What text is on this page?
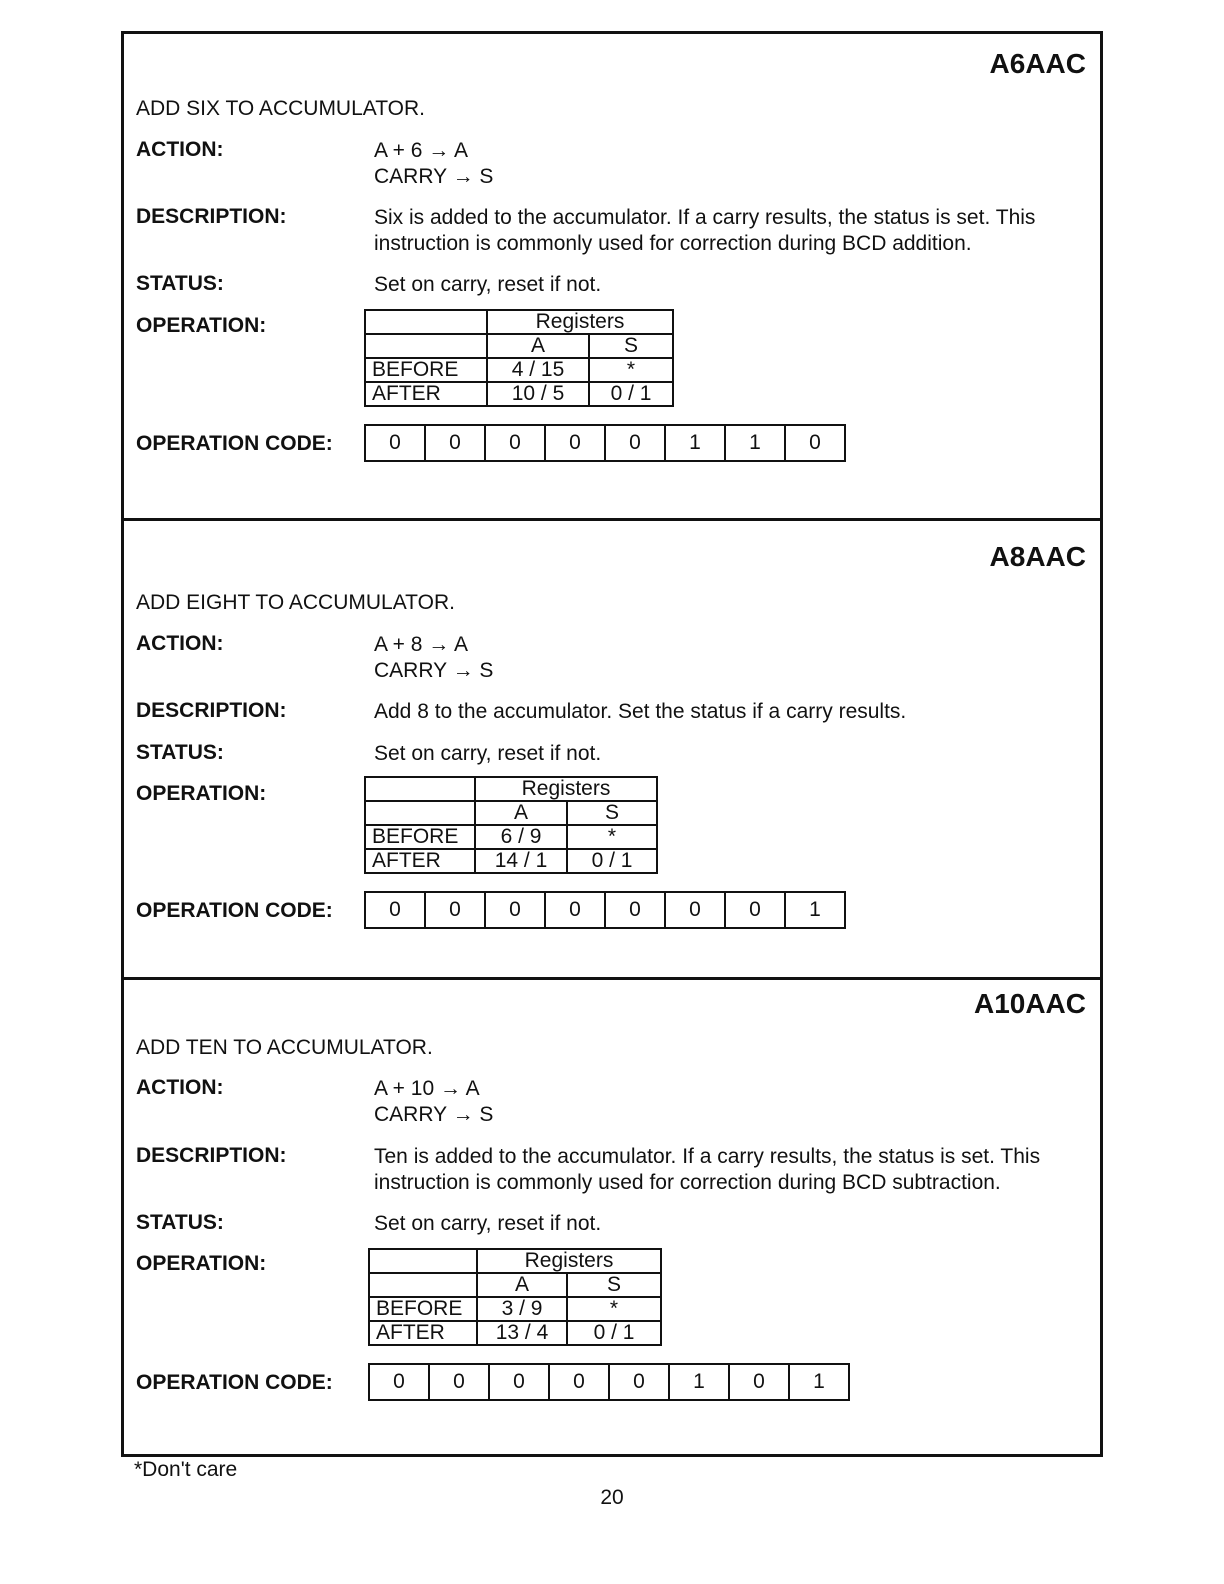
A6AAC
ADD SIX TO ACCUMULATOR.
ACTION:	A + 6 → A
CARRY → S
DESCRIPTION:	Six is added to the accumulator. If a carry results, the status is set. This instruction is commonly used for correction during BCD addition.
STATUS:	Set on carry, reset if not.
OPERATION:
		Registers	
	A	S
BEFORE	4 / 15	*
AFTER	10 / 5	0 / 1
OPERATION CODE:	0	0	0	0	0	1	1	0
A8AAC
ADD EIGHT TO ACCUMULATOR.
ACTION:	A + 8 → A
CARRY → S
DESCRIPTION:	Add 8 to the accumulator. Set the status if a carry results.
STATUS:	Set on carry, reset if not.
OPERATION:
		Registers	
	A	S
BEFORE	6 / 9	*
AFTER	14 / 1	0 / 1
OPERATION CODE:	0	0	0	0	0	0	0	1
A10AAC
ADD TEN TO ACCUMULATOR.
ACTION:	A + 10 → A
CARRY → S
DESCRIPTION:	Ten is added to the accumulator. If a carry results, the status is set. This instruction is commonly used for correction during BCD subtraction.
STATUS:	Set on carry, reset if not.
OPERATION:
		Registers	
	A	S
BEFORE	3 / 9	*
AFTER	13 / 4	0 / 1
OPERATION CODE:	0	0	0	0	0	1	0	1
*Don't care
20
